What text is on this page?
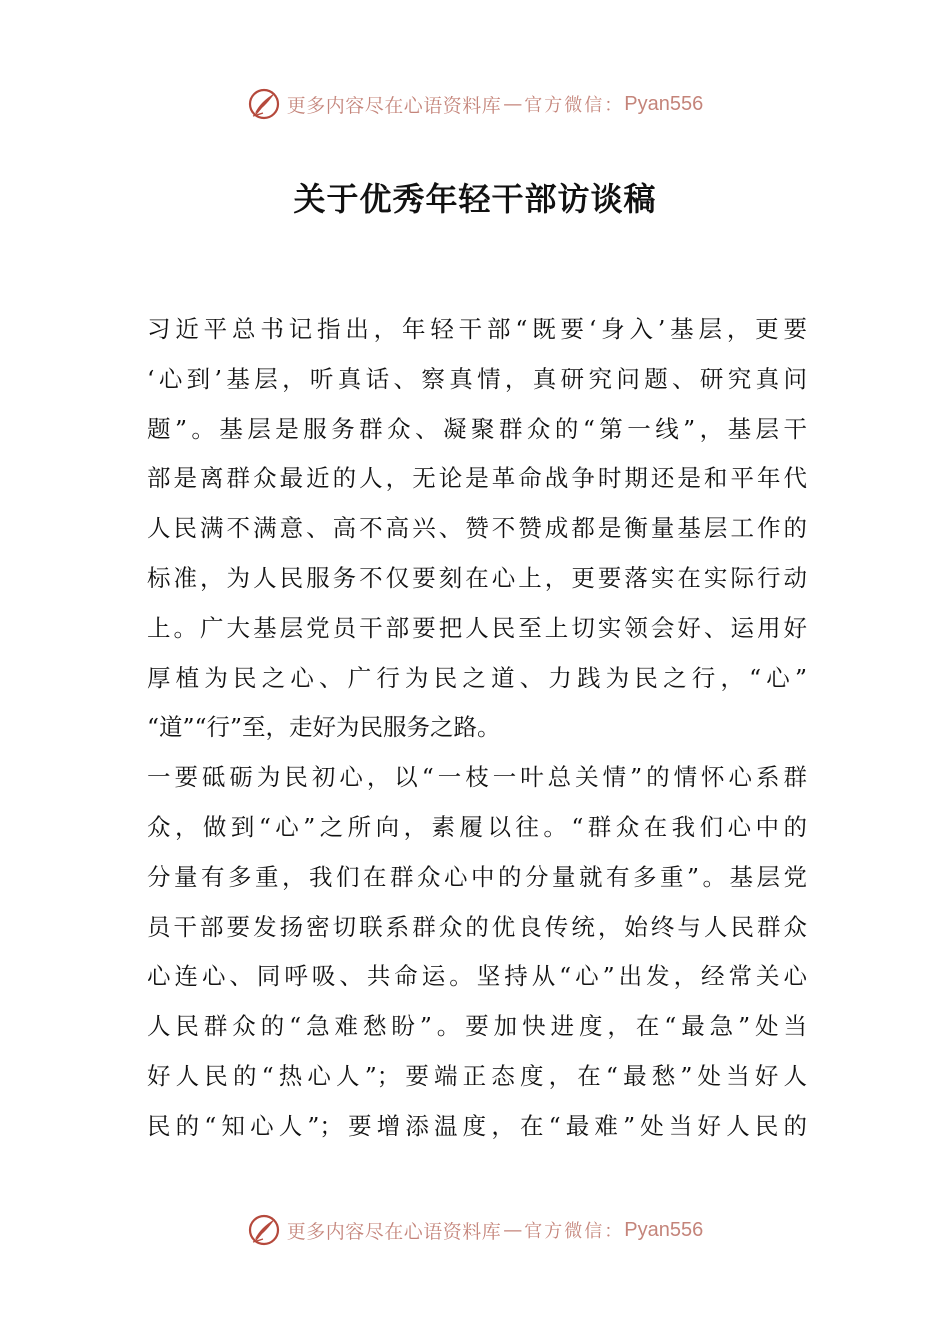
更多内容尽在心语资料库 — 官方微信： Pyan556
关于优秀年轻干部访谈稿
习近平总书记指出，年轻干部“既要‘身入’基层，更要
‘心到’基层，听真话、察真情，真研究问题、研究真问
题”。基层是服务群众、凝聚群众的“第一线”，基层干
部是离群众最近的人，无论是革命战争时期还是和平年代
人民满不满意、高不高兴、赞不赞成都是衡量基层工作的
标准，为人民服务不仅要刻在心上，更要落实在实际行动
上。广大基层党员干部要把人民至上切实领会好、运用好
厚植为民之心、广行为民之道、力践为民之行，“心”
“道”“行”至，走好为民服务之路。
一要砥砺为民初心，以“一枝一叶总关情”的情怀心系群
众，做到“心”之所向，素履以往。“群众在我们心中的
分量有多重，我们在群众心中的分量就有多重”。基层党
员干部要发扬密切联系群众的优良传统，始终与人民群众
心连心、同呼吸、共命运。坚持从“心”出发，经常关心
人民群众的“急难愁盼”。要加快进度，在“最急”处当
好人民的“热心人”；要端正态度，在“最愁”处当好人
民的“知心人”；要增添温度，在“最难”处当好人民的
更多内容尽在心语资料库 — 官方微信： Pyan556
